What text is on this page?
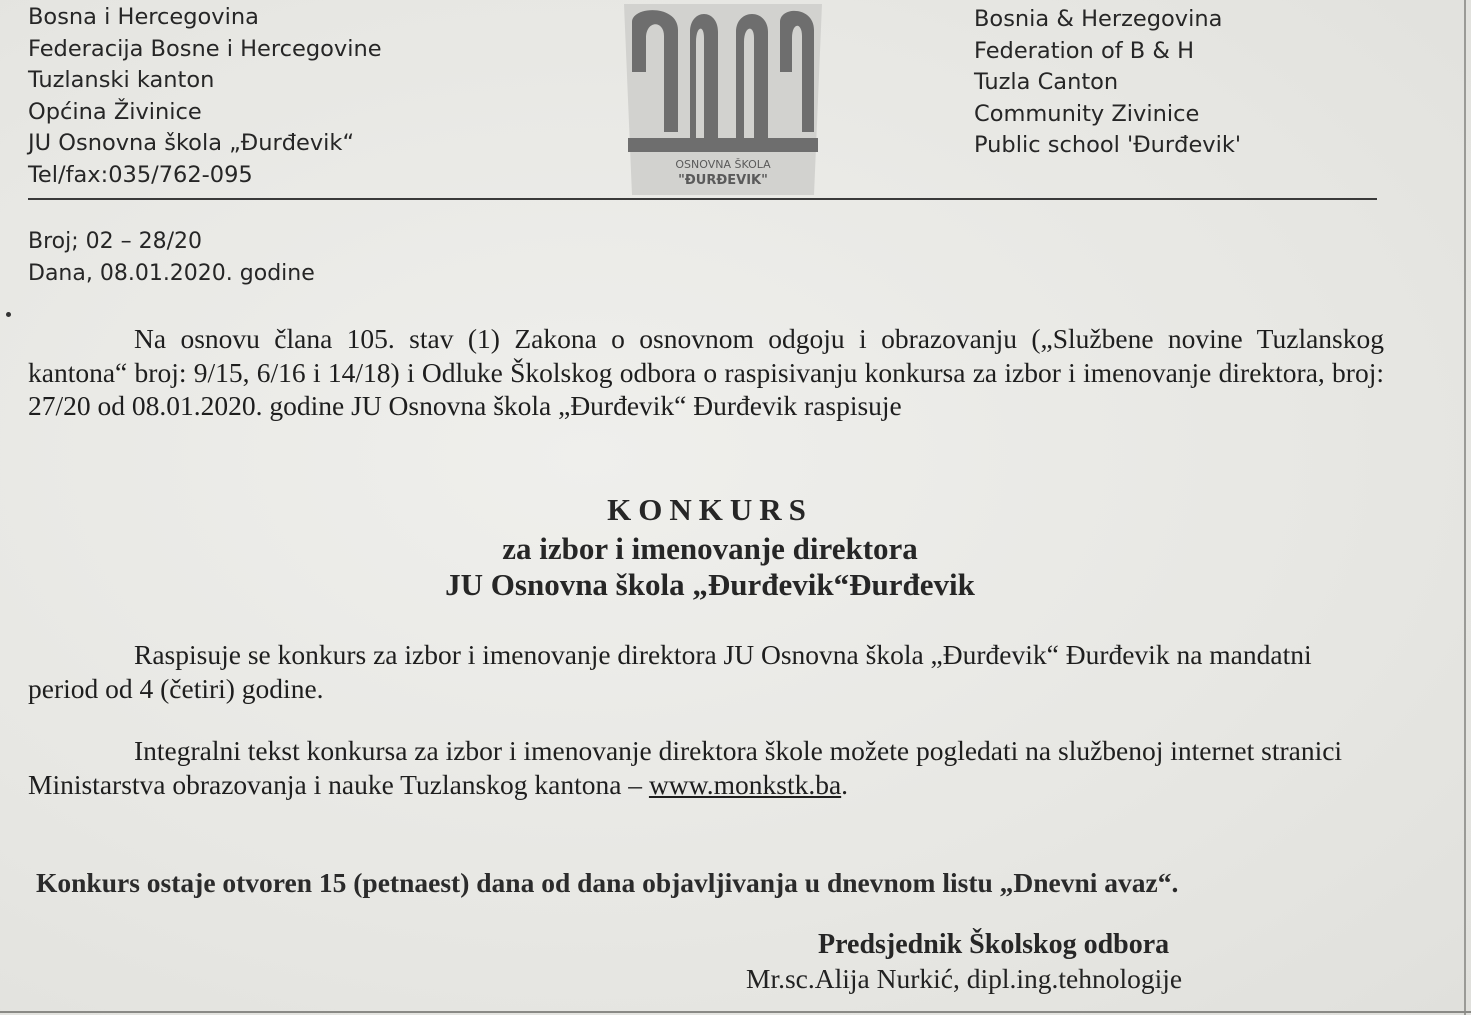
Bosna i Hercegovina
Federacija Bosne i Hercegovine
Tuzlanski kanton
Općina Živinice
JU Osnovna škola „Đurđevik“
Tel/fax:035/762-095	OSNOVNA ŠKOLA
"ĐURĐEVIK"
Bosnia & Herzegovina
Federation of B & H
Tuzla Canton
Community Zivinice
Public school 'Đurđevik'
Broj; 02 – 28/20
Dana, 08.01.2020. godine
Na osnovu člana 105. stav (1) Zakona o osnovnom odgoju i obrazovanju („Službene novine Tuzlanskog kantona“ broj: 9/15, 6/16 i 14/18) i Odluke Školskog odbora o raspisivanju konkursa za izbor i imenovanje direktora, broj: 27/20 od 08.01.2020. godine JU Osnovna škola „Đurđevik“ Đurđevik raspisuje
KONKURS
za izbor i imenovanje direktora
JU Osnovna škola „Đurđevik“Đurđevik
Raspisuje se konkurs za izbor i imenovanje direktora JU Osnovna škola „Đurđevik“ Đurđevik na mandatni period od 4 (četiri) godine.
Integralni tekst konkursa za izbor i imenovanje direktora škole možete pogledati na službenoj internet stranici Ministarstva obrazovanja i nauke Tuzlanskog kantona – www.monkstk.ba.
Konkurs ostaje otvoren 15 (petnaest) dana od dana objavljivanja u dnevnom listu „Dnevni avaz“.
Predsjednik Školskog odbora
Mr.sc.Alija Nurkić, dipl.ing.tehnologije
